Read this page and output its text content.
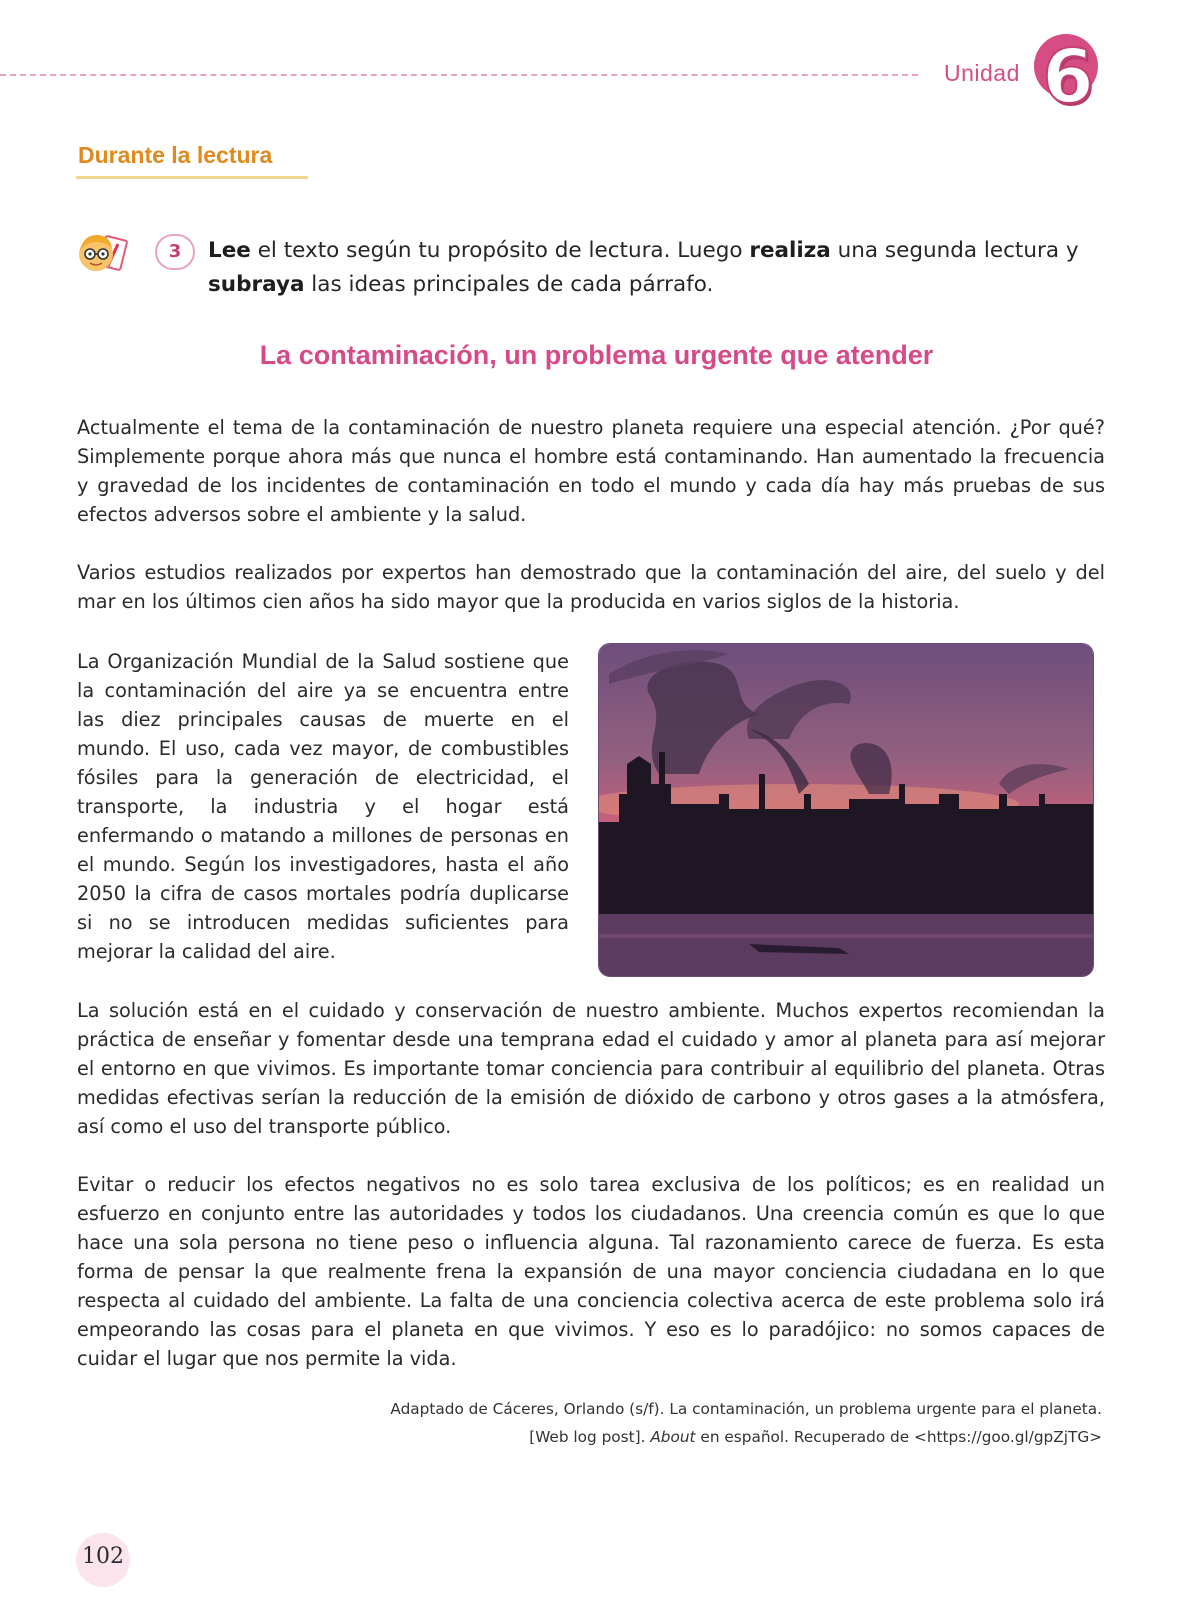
Unidad 6
Durante la lectura
3	Lee el texto según tu propósito de lectura. Luego realiza una segunda lectura y subraya las ideas principales de cada párrafo.

La contaminación, un problema urgente que atender

Actualmente el tema de la contaminación de nuestro planeta requiere una especial atención. ¿Por qué? Simplemente porque ahora más que nunca el hombre está contaminando. Han aumentado la frecuencia y gravedad de los incidentes de contaminación en todo el mundo y cada día hay más pruebas de sus efectos adversos sobre el ambiente y la salud.

Varios estudios realizados por expertos han demostrado que la contaminación del aire, del suelo y del mar en los últimos cien años ha sido mayor que la producida en varios siglos de la historia.

La Organización Mundial de la Salud sostiene que la contaminación del aire ya se encuentra entre las diez principales causas de muerte en el mundo. El uso, cada vez mayor, de combustibles fósiles para la generación de electricidad, el transporte, la industria y el hogar está enfermando o matando a millones de personas en el mundo. Según los investigadores, hasta el año 2050 la cifra de casos mortales podría duplicarse si no se introducen medidas suficientes para mejorar la calidad del aire.

La solución está en el cuidado y conservación de nuestro ambiente. Muchos expertos recomiendan la práctica de enseñar y fomentar desde una temprana edad el cuidado y amor al planeta para así mejorar el entorno en que vivimos. Es importante tomar conciencia para contribuir al equilibrio del planeta. Otras medidas efectivas serían la reducción de la emisión de dióxido de carbono y otros gases a la atmósfera, así como el uso del transporte público.

Evitar o reducir los efectos negativos no es solo tarea exclusiva de los políticos; es en realidad un esfuerzo en conjunto entre las autoridades y todos los ciudadanos. Una creencia común es que lo que hace una sola persona no tiene peso o influencia alguna. Tal razonamiento carece de fuerza. Es esta forma de pensar la que realmente frena la expansión de una mayor conciencia ciudadana en lo que respecta al cuidado del ambiente. La falta de una conciencia colectiva acerca de este problema solo irá empeorando las cosas para el planeta en que vivimos. Y eso es lo paradójico: no somos capaces de cuidar el lugar que nos permite la vida.

Adaptado de Cáceres, Orlando (s/f). La contaminación, un problema urgente para el planeta.
[Web log post]. About en español. Recuperado de <https://goo.gl/gpZjTG>

102
